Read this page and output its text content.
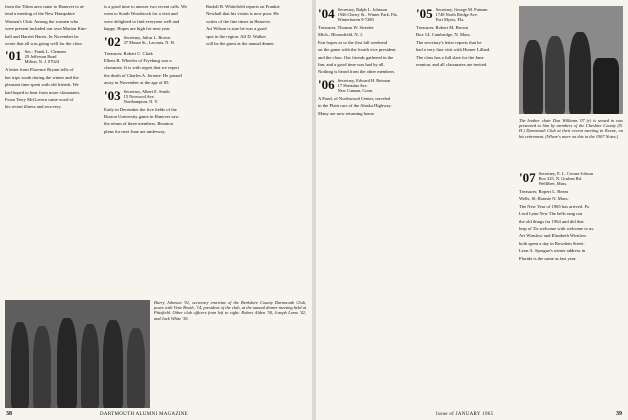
from the Tilton area came to Hanover to at-

tend a meeting of the New Hampshire

Women's Club. Among the women who

were present included our own Marion Kim-

ball and Harriet Harris. In November he

wrote that all was going well for the class.

'01 Sec.: Frank L. Clemons
29 Jefferson Road
Milton, N. J. 07024

A letter from Florence Bryant tells of

her trips south during the winter and the

pleasant time spent with old friends. We

had hoped to hear from more classmates.

From Terry McGovern came word of

his recent illness and recovery.

is a good time to answer two recent calls. We

went to South Woodstock for a visit and

were delighted to find everyone well and

happy. Hopes are high for next year.

'02 Secretary, Julius L. Brown
37 Mount St., Laconia, N. H.

Treasurer, Robert C. Clark

Elbert B. Wheeler of Fryeburg was a

classmate. It is with regret that we report

the death of Charles A. Jerome. He passed

away in November at the age of 85.

'03 Secretary, Albert E. Smith
15 Norwood Ave.
Northampton, N. Y.

Early in December the five fields of the

Boston University game in Hanover saw

the return of three members. Reunion

plans for next June are underway.

Rudolf B. Whitefield reports on Frankie

Newhall that his vision is now poor. He

writes of the fine times in Hanover.

Art Wilson is sure he was a good

spot in the region. Alf D. Walker

will be the guest at the annual dinner.

Harry Johnson '01, secretary emeritus of the Berkshire County Dartmouth Club, poses with Vene Booth, '14, president of the club, at the annual dinner meeting held at Pittsfield. Other club officers from left to right: Robert Alden '30, Joseph Lemo '42, and Jack White '36.
38	DARTMOUTH ALUMNI MAGAZINE
'04 Secretary, Ralph L. Johnson
1946 Cherry St., Winter Park, Fla.
Winterhaven 9-7280

Treasurer, Thomas W. Streeter

Mich., Bloomfield, N. J.

Fair hopes as to the first fall weekend

on the game with the fourth vice president

and the class. Our friends gathered in the

Inn, and a good time was had by all.

Nothing is heard from the other members.

'06 Secretary, Edward H. Reiman
17 Sheridan Ave.
New Canaan, Conn.

A Pond, of Northwood Center, traveled

in the Plain cars of the Alaska Highway.

Many are now returning home.

'05 Secretary, George M. Putnam
1748 North Bridge Ave.
Fort Myers, Fla.

Treasurer, Robert M. Brown

Box 14, Cambridge, N. Mass.

The secretary's letter reports that he

had a very fine visit with Homer Lillard.

The class has a full slate for the June

reunion, and all classmates are invited.

The leather chair Don Williams '07 (r) is seated in was presented to him by members of the Cheshire County (N. H.) Dartmouth Club at their recent meeting in Keene, on his retirement. (Where's more on this in the 1907 Notes.)
'07 Secretary, E. L. Crouse-Jobson
Box 325, N. Goshen Rd.
Wellfleet, Mass.

Treasurer, Ropert L. Ream

Wells, Sl. Ronnie N. Mass.

The New Year of 1965 has arrived. Fo

Lord Lynn Yew The bells rang out

the old things for 1964 and did that

leap of Tis welcome with welcome to us.

Art Winslow and Elizabeth Winslow

both spent a day in Bowdoin Street.

Leon A. Sprague's winter address in

Florida is the same as last year.

Issue of JANUARY 1965	39
